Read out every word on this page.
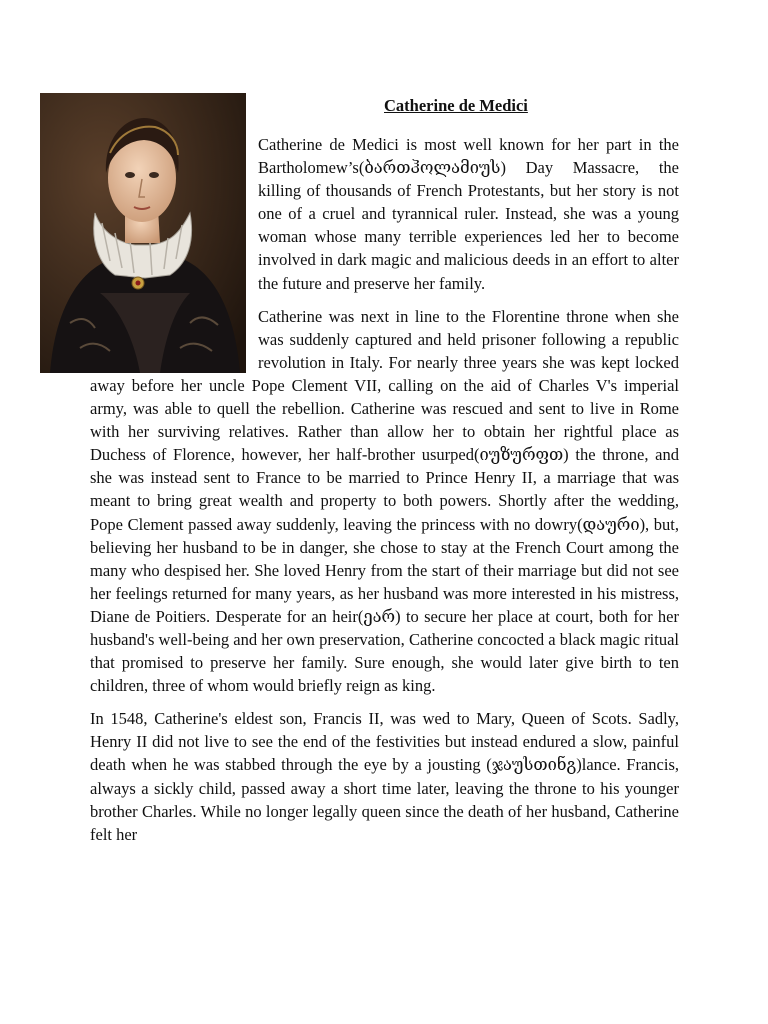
Catherine de Medici

Catherine de Medici is most well known for her part in the Bartholomew’s(ბართჰოლამიუს) Day Massacre, the killing of thousands of French Protestants, but her story is not one of a cruel and tyrannical ruler. Instead, she was a young woman whose many terrible experiences led her to become involved in dark magic and malicious deeds in an effort to alter the future and preserve her family.

Catherine was next in line to the Florentine throne when she was suddenly captured and held prisoner following a republic revolution in Italy. For nearly three years she was kept locked away before her uncle Pope Clement VII, calling on the aid of Charles V's imperial army, was able to quell the rebellion. Catherine was rescued and sent to live in Rome with her surviving relatives. Rather than allow her to obtain her rightful place as Duchess of Florence, however, her half-brother usurped(იუზურფთ) the throne, and she was instead sent to France to be married to Prince Henry II, a marriage that was meant to bring great wealth and property to both powers. Shortly after the wedding, Pope Clement passed away suddenly, leaving the princess with no dowry(დაური), but, believing her husband to be in danger, she chose to stay at the French Court among the many who despised her. She loved Henry from the start of their marriage but did not see her feelings returned for many years, as her husband was more interested in his mistress, Diane de Poitiers. Desperate for an heir(ეარ) to secure her place at court, both for her husband's well-being and her own preservation, Catherine concocted a black magic ritual that promised to preserve her family. Sure enough, she would later give birth to ten children, three of whom would briefly reign as king.

In 1548, Catherine's eldest son, Francis II, was wed to Mary, Queen of Scots. Sadly, Henry II did not live to see the end of the festivities but instead endured a slow, painful death when he was stabbed through the eye by a jousting (ჯაუსთინგ)lance. Francis, always a sickly child, passed away a short time later, leaving the throne to his younger brother Charles. While no longer legally queen since the death of her husband, Catherine felt her
